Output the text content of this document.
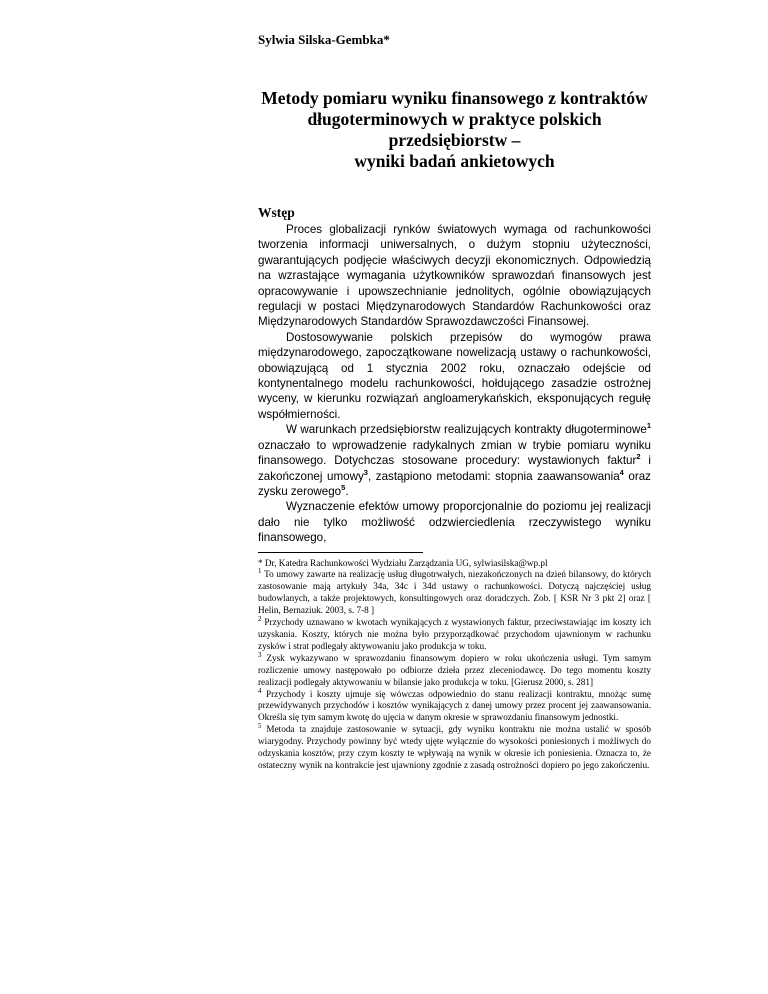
Sylwia Silska-Gembka*

Metody pomiaru wyniku finansowego z kontraktów
długoterminowych w praktyce polskich przedsiębiorstw –
wyniki badań ankietowych

Wstęp

Proces globalizacji rynków światowych wymaga od rachunkowości tworzenia informacji uniwersalnych, o dużym stopniu użyteczności, gwarantujących podjęcie właściwych decyzji ekonomicznych. Odpowiedzią na wzrastające wymagania użytkowników sprawozdań finansowych jest opracowywanie i upowszechnianie jednolitych, ogólnie obowiązujących regulacji w postaci Międzynarodowych Standardów Rachunkowości oraz Międzynarodowych Standardów Sprawozdawczości Finansowej.

Dostosowywanie polskich przepisów do wymogów prawa międzynarodowego, zapoczątkowane nowelizacją ustawy o rachunkowości, obowiązującą od 1 stycznia 2002 roku, oznaczało odejście od kontynentalnego modelu rachunkowości, hołdującego zasadzie ostrożnej wyceny, w kierunku rozwiązań angloamerykańskich, eksponujących regułę współmierności.

W warunkach przedsiębiorstw realizujących kontrakty długoterminowe$^1$ oznaczało to wprowadzenie radykalnych zmian w trybie pomiaru wyniku finansowego. Dotychczas stosowane procedury: wystawionych faktur$^2$ i zakończonej umowy$^3$, zastąpiono metodami: stopnia zaawansowania$^4$ oraz zysku zerowego$^5$.

Wyznaczenie efektów umowy proporcjonalnie do poziomu jej realizacji dało nie tylko możliwość odzwierciedlenia rzeczywistego wyniku finansowego,

* Dr, Katedra Rachunkowości Wydziału Zarządzania UG, sylwiasilska@wp.pl

$^1$ To umowy zawarte na realizację usług długotrwałych, niezakończonych na dzień bilansowy, do których zastosowanie mają artykuły 34a, 34c i 34d ustawy o rachunkowości. Dotyczą najczęściej usług budowlanych, a także projektowych, konsultingowych oraz doradczych. Zob. [ KSR Nr 3 pkt 2] oraz [ Helin, Bernaziuk. 2003, s. 7-8 ]

$^2$ Przychody uznawano w kwotach wynikających z wystawionych faktur, przeciwstawiając im koszty ich uzyskania. Koszty, których nie można było przyporządkować przychodom ujawnionym w rachunku zysków i strat podlegały aktywowaniu jako produkcja w toku.

$^3$ Zysk wykazywano w sprawozdaniu finansowym dopiero w roku ukończenia usługi. Tym samym rozliczenie umowy następowało po odbiorze dzieła przez zleceniodawcę. Do tego momentu koszty realizacji podlegały aktywowaniu w bilansie jako produkcja w toku. [Gierusz 2000, s. 281]

$^4$ Przychody i koszty ujmuje się wówczas odpowiednio do stanu realizacji kontraktu, mnożąc sumę przewidywanych przychodów i kosztów wynikających z danej umowy przez procent jej zaawansowania. Określa się tym samym kwotę do ujęcia w danym okresie w sprawozdaniu finansowym jednostki.

$^5$ Metoda ta znajduje zastosowanie w sytuacji, gdy wyniku kontraktu nie można ustalić w sposób wiarygodny. Przychody powinny być wtedy ujęte wyłącznie do wysokości poniesionych i możliwych do odzyskania kosztów, przy czym koszty te wpływają na wynik w okresie ich poniesienia. Oznacza to, że ostateczny wynik na kontrakcie jest ujawniony zgodnie z zasadą ostrożności dopiero po jego zakończeniu.
